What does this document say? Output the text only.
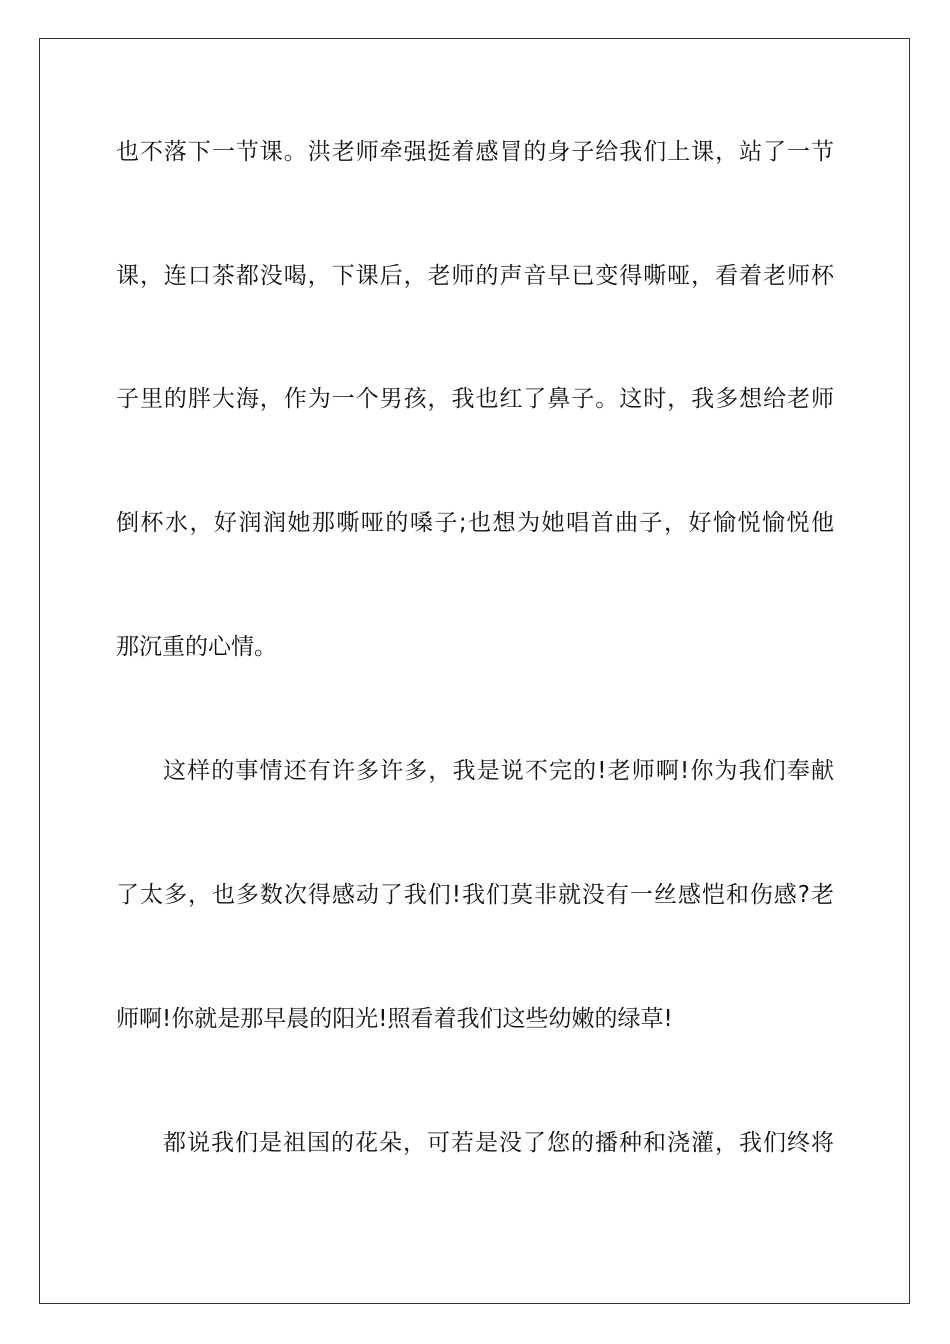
也不落下一节课。洪老师牵强挺着感冒的身子给我们上课，站了一节
课，连口茶都没喝，下课后，老师的声音早已变得嘶哑，看着老师杯
子里的胖大海，作为一个男孩，我也红了鼻子。这时，我多想给老师
倒杯水，好润润她那嘶哑的嗓子;也想为她唱首曲子，好愉悦愉悦他
那沉重的心情。
这样的事情还有许多许多，我是说不完的!老师啊!你为我们奉献
了太多，也多数次得感动了我们!我们莫非就没有一丝感恺和伤感?老
师啊!你就是那早晨的阳光!照看着我们这些幼嫩的绿草!
都说我们是祖国的花朵，可若是没了您的播种和浇灌，我们终将
